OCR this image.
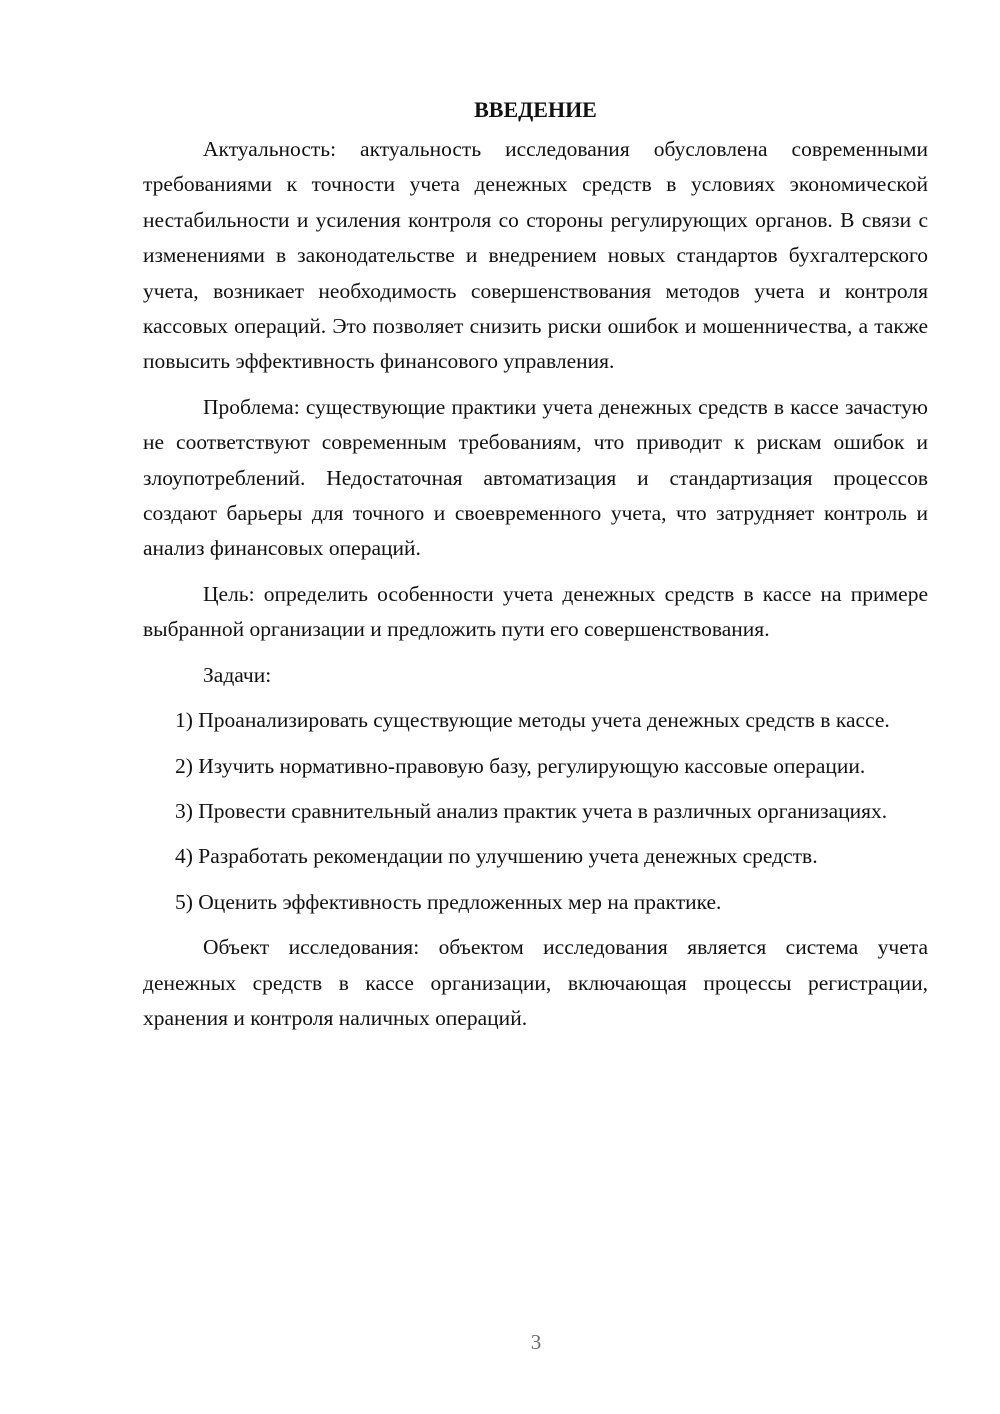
ВВЕДЕНИЕ

Актуальность: актуальность исследования обусловлена современными требованиями к точности учета денежных средств в условиях экономической нестабильности и усиления контроля со стороны регулирующих органов. В связи с изменениями в законодательстве и внедрением новых стандартов бухгалтерского учета, возникает необходимость совершенствования методов учета и контроля кассовых операций. Это позволяет снизить риски ошибок и мошенничества, а также повысить эффективность финансового управления.

Проблема: существующие практики учета денежных средств в кассе зачастую не соответствуют современным требованиям, что приводит к рискам ошибок и злоупотреблений. Недостаточная автоматизация и стандартизация процессов создают барьеры для точного и своевременного учета, что затрудняет контроль и анализ финансовых операций.

Цель: определить особенности учета денежных средств в кассе на примере выбранной организации и предложить пути его совершенствования.

Задачи:

1) Проанализировать существующие методы учета денежных средств в кассе.

2) Изучить нормативно-правовую базу, регулирующую кассовые операции.

3) Провести сравнительный анализ практик учета в различных организациях.

4) Разработать рекомендации по улучшению учета денежных средств.

5) Оценить эффективность предложенных мер на практике.

Объект исследования: объектом исследования является система учета денежных средств в кассе организации, включающая процессы регистрации, хранения и контроля наличных операций.

3
